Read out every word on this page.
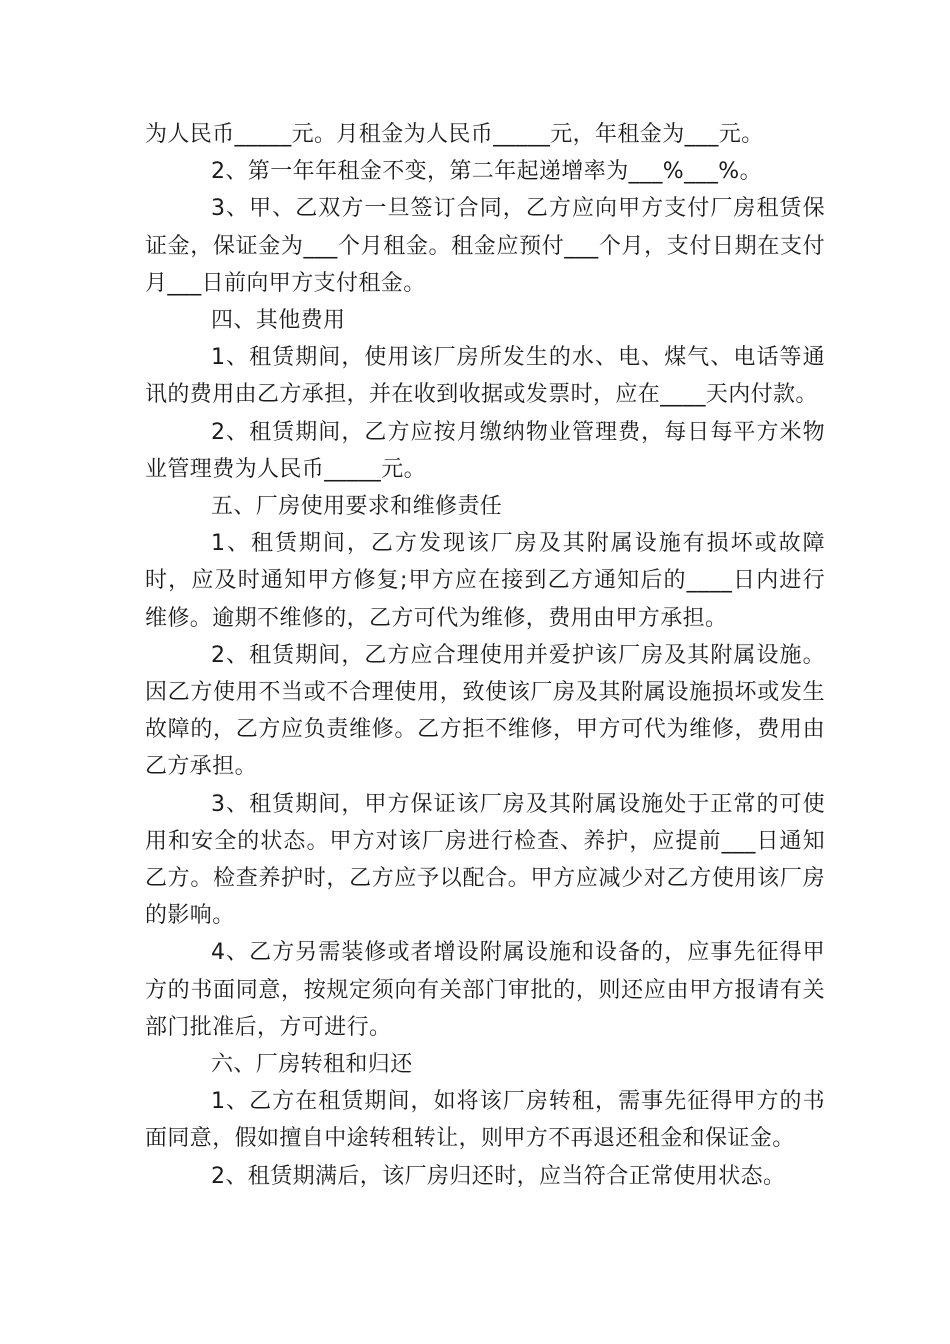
为人民币_____元。月租金为人民币_____元，年租金为___元。

2、第一年年租金不变，第二年起递增率为___%___%。

3、甲、乙双方一旦签订合同，乙方应向甲方支付厂房租赁保证金，保证金为___个月租金。租金应预付___个月，支付日期在支付月___日前向甲方支付租金。

四、其他费用

1、租赁期间，使用该厂房所发生的水、电、煤气、电话等通讯的费用由乙方承担，并在收到收据或发票时，应在____天内付款。

2、租赁期间，乙方应按月缴纳物业管理费，每日每平方米物业管理费为人民币_____元。

五、厂房使用要求和维修责任

1、租赁期间，乙方发现该厂房及其附属设施有损坏或故障时，应及时通知甲方修复;甲方应在接到乙方通知后的____日内进行维修。逾期不维修的，乙方可代为维修，费用由甲方承担。

2、租赁期间，乙方应合理使用并爱护该厂房及其附属设施。因乙方使用不当或不合理使用，致使该厂房及其附属设施损坏或发生故障的，乙方应负责维修。乙方拒不维修，甲方可代为维修，费用由乙方承担。

3、租赁期间，甲方保证该厂房及其附属设施处于正常的可使用和安全的状态。甲方对该厂房进行检查、养护，应提前___日通知乙方。检查养护时，乙方应予以配合。甲方应减少对乙方使用该厂房的影响。

4、乙方另需装修或者增设附属设施和设备的，应事先征得甲方的书面同意，按规定须向有关部门审批的，则还应由甲方报请有关部门批准后，方可进行。

六、厂房转租和归还

1、乙方在租赁期间，如将该厂房转租，需事先征得甲方的书面同意，假如擅自中途转租转让，则甲方不再退还租金和保证金。

2、租赁期满后，该厂房归还时，应当符合正常使用状态。
